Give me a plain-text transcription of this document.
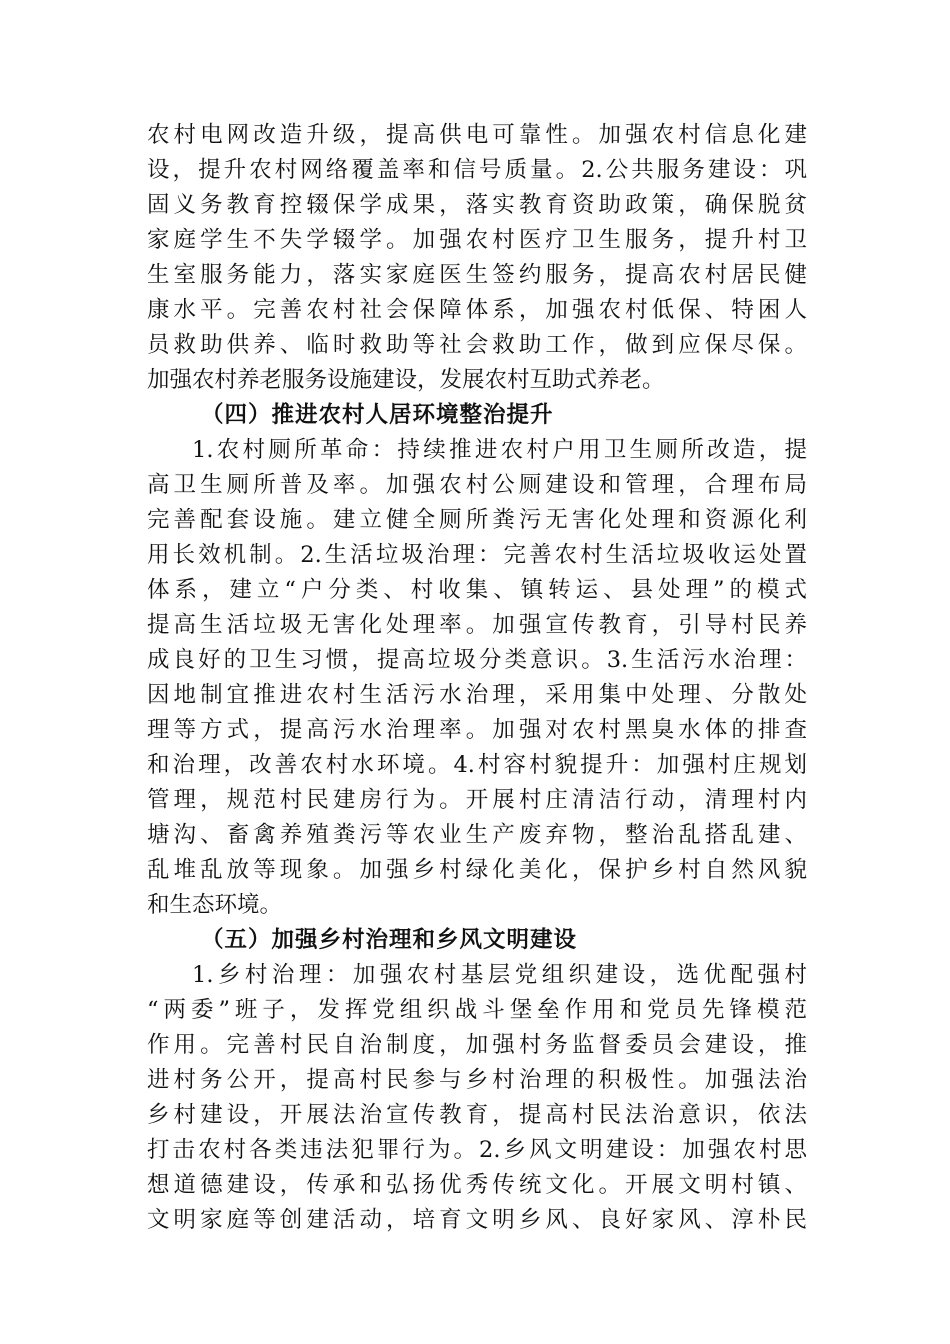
农村电网改造升级，提高供电可靠性。加强农村信息化建
设，提升农村网络覆盖率和信号质量。2.公共服务建设：巩
固义务教育控辍保学成果，落实教育资助政策，确保脱贫
家庭学生不失学辍学。加强农村医疗卫生服务，提升村卫
生室服务能力，落实家庭医生签约服务，提高农村居民健
康水平。完善农村社会保障体系，加强农村低保、特困人
员救助供养、临时救助等社会救助工作，做到应保尽保。
加强农村养老服务设施建设，发展农村互助式养老。
（四）推进农村人居环境整治提升
1.农村厕所革命：持续推进农村户用卫生厕所改造，提
高卫生厕所普及率。加强农村公厕建设和管理，合理布局
完善配套设施。建立健全厕所粪污无害化处理和资源化利
用长效机制。2.生活垃圾治理：完善农村生活垃圾收运处置
体系，建立“户分类、村收集、镇转运、县处理”的模式
提高生活垃圾无害化处理率。加强宣传教育，引导村民养
成良好的卫生习惯，提高垃圾分类意识。3.生活污水治理：
因地制宜推进农村生活污水治理，采用集中处理、分散处
理等方式，提高污水治理率。加强对农村黑臭水体的排查
和治理，改善农村水环境。4.村容村貌提升：加强村庄规划
管理，规范村民建房行为。开展村庄清洁行动，清理村内
塘沟、畜禽养殖粪污等农业生产废弃物，整治乱搭乱建、
乱堆乱放等现象。加强乡村绿化美化，保护乡村自然风貌
和生态环境。
（五）加强乡村治理和乡风文明建设
1.乡村治理：加强农村基层党组织建设，选优配强村
“两委”班子，发挥党组织战斗堡垒作用和党员先锋模范
作用。完善村民自治制度，加强村务监督委员会建设，推
进村务公开，提高村民参与乡村治理的积极性。加强法治
乡村建设，开展法治宣传教育，提高村民法治意识，依法
打击农村各类违法犯罪行为。2.乡风文明建设：加强农村思
想道德建设，传承和弘扬优秀传统文化。开展文明村镇、
文明家庭等创建活动，培育文明乡风、良好家风、淳朴民
